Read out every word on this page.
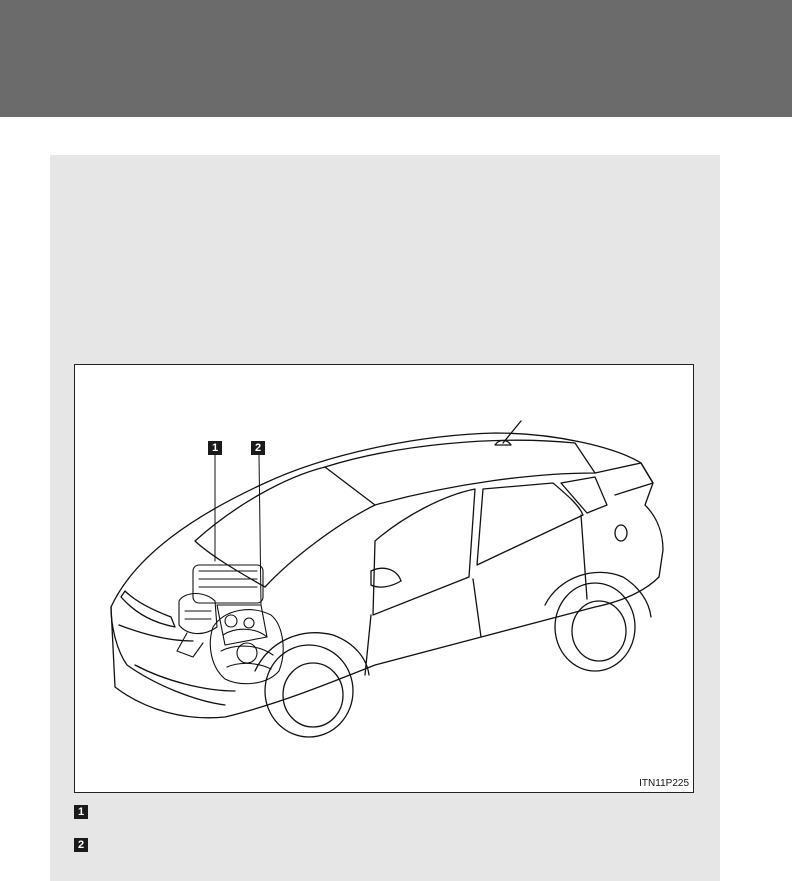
1	2
ITN11P225
1
2
